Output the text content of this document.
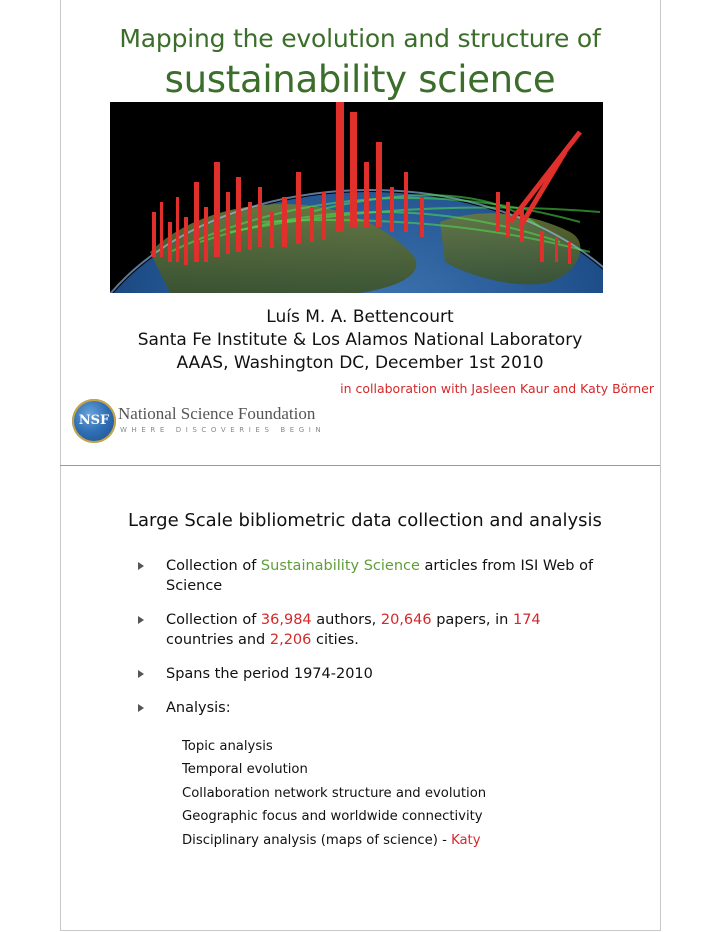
Mapping the evolution and structure of
sustainability science
Luís M. A. Bettencourt
Santa Fe Institute & Los Alamos National Laboratory
AAAS, Washington DC, December 1st 2010
in collaboration with Jasleen Kaur and Katy Börner
NSF National Science Foundation
WHERE DISCOVERIES BEGIN
Large Scale bibliometric data collection and analysis
Collection of Sustainability Science articles from ISI Web of Science
Collection of 36,984 authors, 20,646 papers, in 174 countries and 2,206 cities.
Spans the period 1974-2010
Analysis:
Topic analysis
Temporal evolution
Collaboration network structure and evolution
Geographic focus and worldwide connectivity
Disciplinary analysis (maps of science) - Katy
